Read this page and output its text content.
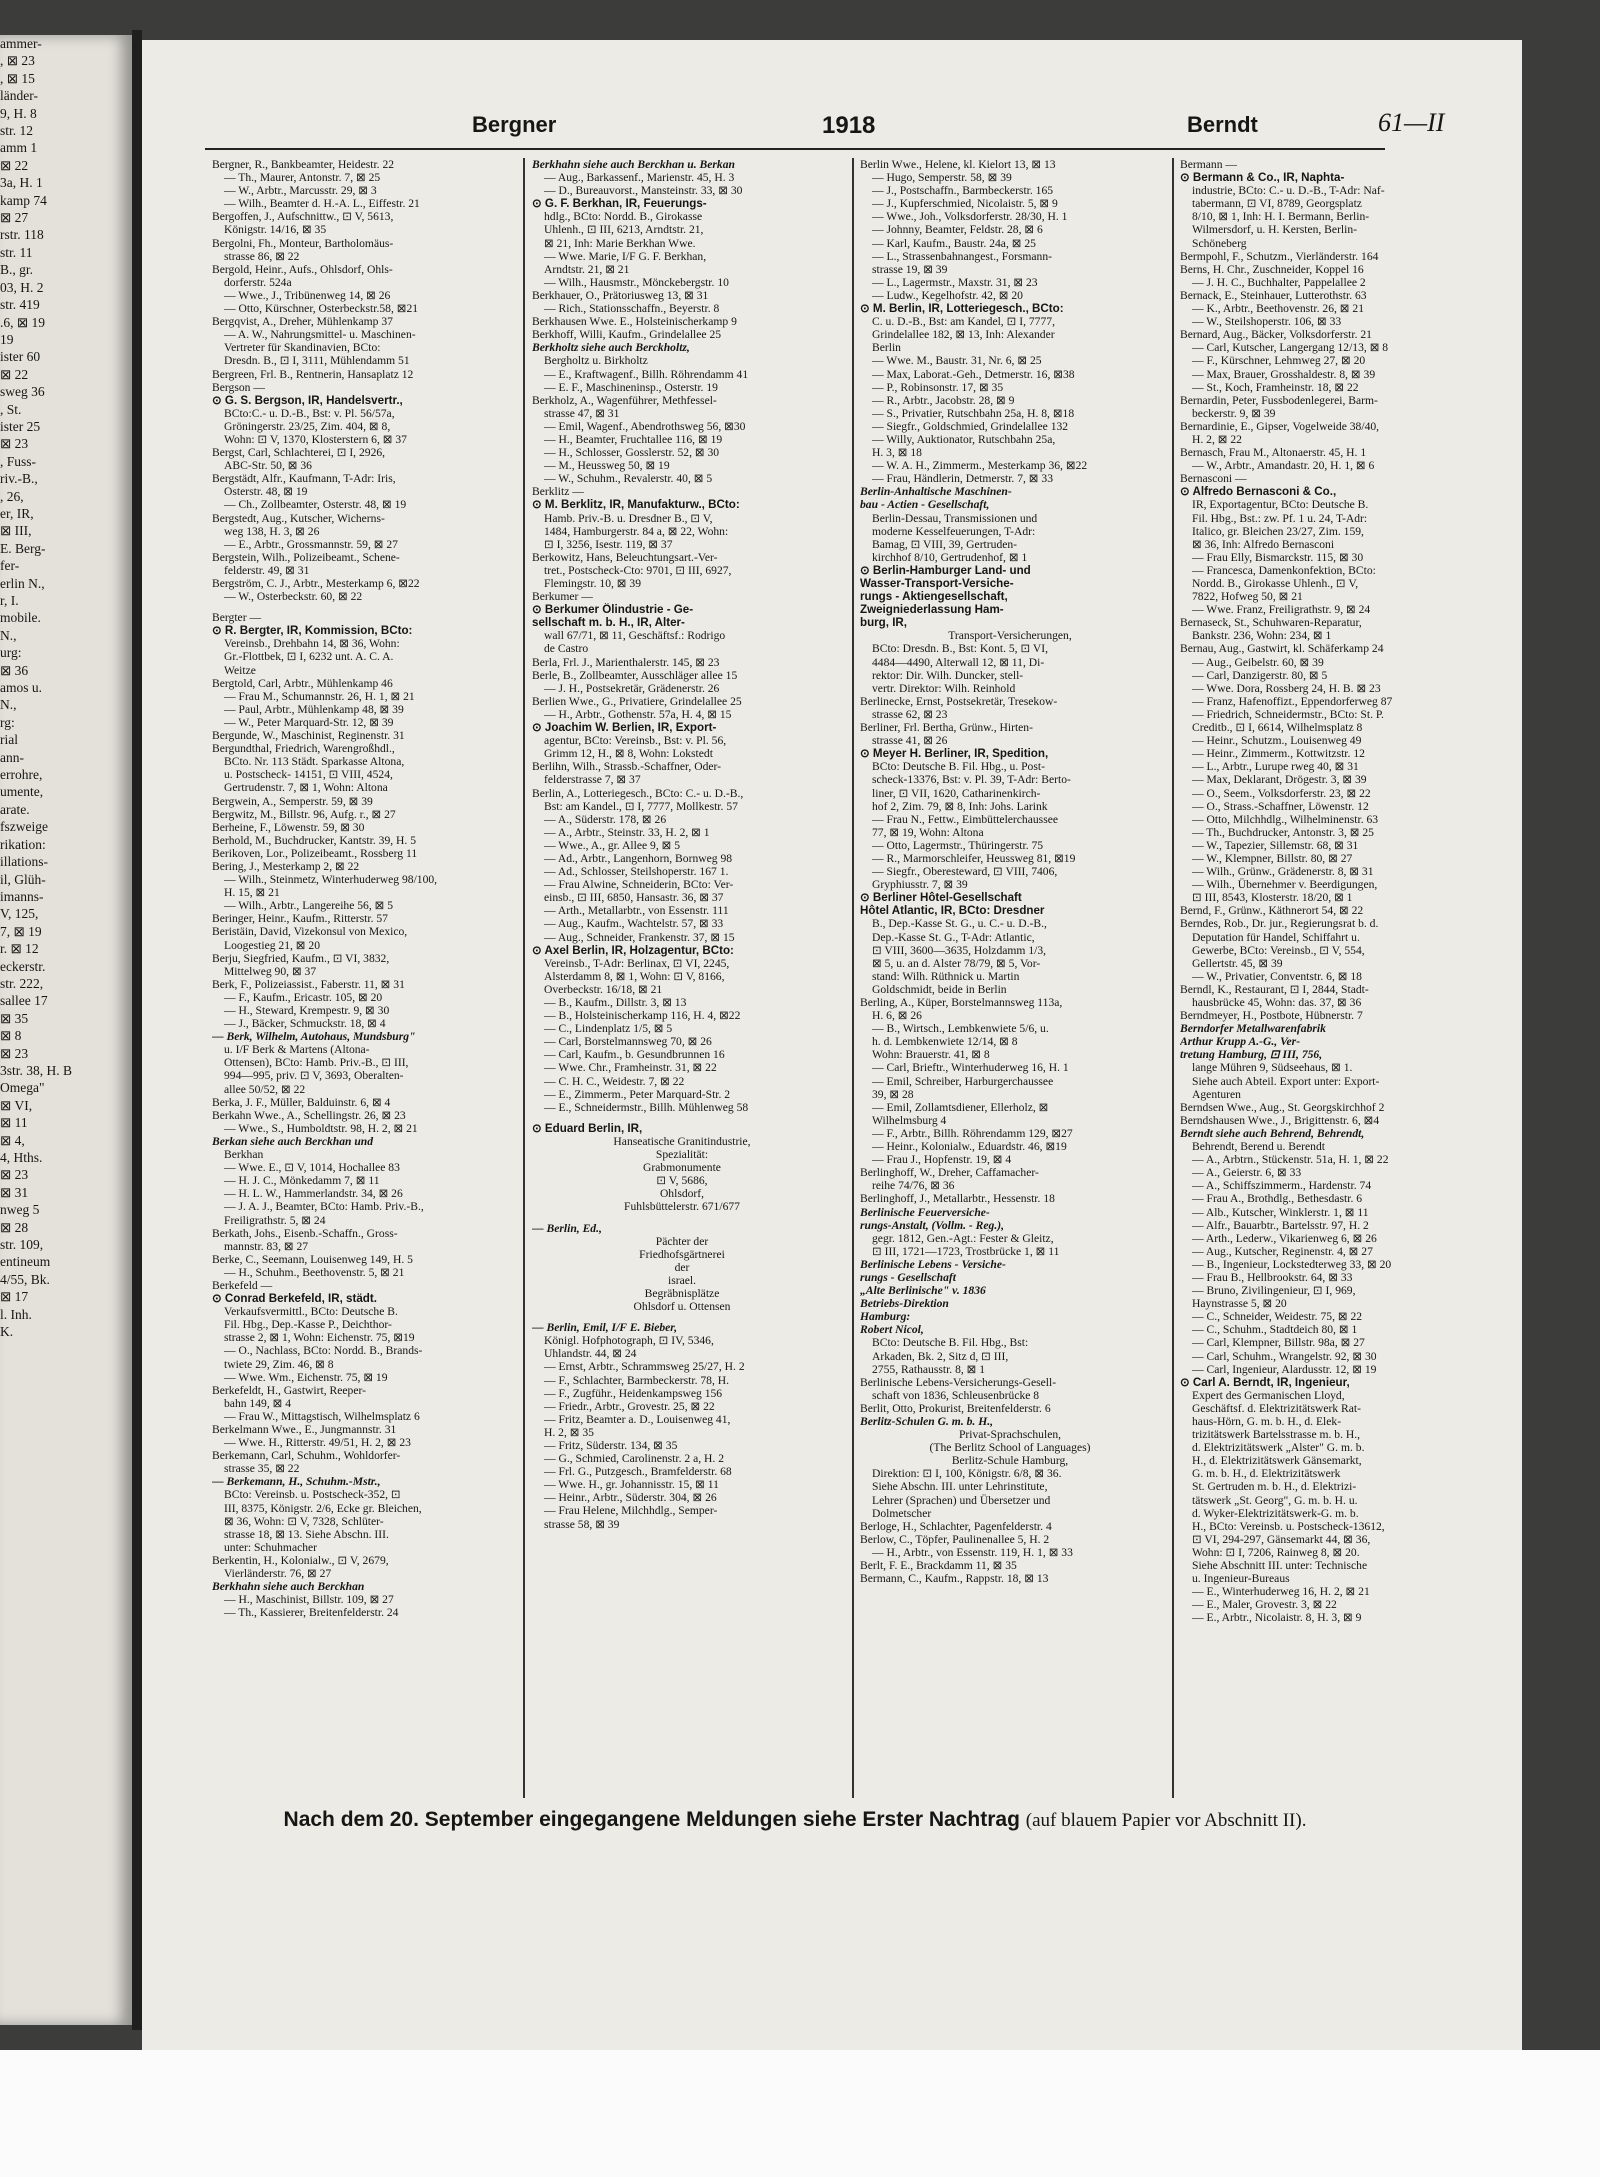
ammer-
, ⊠ 23
, ⊠ 15
länder-
9, H. 8
str. 12
amm 1
⊠ 22
3a, H. 1
kamp 74
⊠ 27
rstr. 118
str. 11
B., gr.
03, H. 2
str. 419
.6, ⊠ 19
19
ister 60
⊠ 22
sweg 36
, St.
ister 25
⊠ 23
, Fuss-
riv.-B.,
, 26,
er, IR,
⊠ III,
E. Berg-
fer-
erlin N.,
r, I.
mobile.
N.,
urg:
⊠ 36
amos u.
N.,
rg:
rial
ann-
errohre,
umente,
arate.
fszweige
rikation:
illations-
il, Glüh-
imanns-
V, 125,
7, ⊠ 19
r. ⊠ 12
eckerstr.
str. 222,
sallee 17
⊠ 35
⊠ 8
⊠ 23
3str. 38, H. B
Omega"
⊠ VI,
⊠ 11
⊠ 4,
4, Hths.
⊠ 23
⊠ 31
nweg 5
⊠ 28
str. 109,
entineum
4/55, Bk.
⊠ 17
l. Inh.
K.
Bergner	1918	Berndt	61—II
Bergner, R., Bankbeamter, Heidestr. 22
— Th., Maurer, Antonstr. 7, ⊠ 25
— W., Arbtr., Marcusstr. 29, ⊠ 3
— Wilh., Beamter d. H.-A. L., Eiffestr. 21
Bergoffen, J., Aufschnittw., ⊡ V, 5613,
Königstr. 14/16, ⊠ 35
Bergolni, Fh., Monteur, Bartholomäus-
strasse 86, ⊠ 22
Bergold, Heinr., Aufs., Ohlsdorf, Ohls-
dorferstr. 524a
— Wwe., J., Tribünenweg 14, ⊠ 26
— Otto, Kürschner, Osterbeckstr.58, ⊠21
Bergqvist, A., Dreher, Mühlenkamp 37
— A. W., Nahrungsmittel- u. Maschinen-
Vertreter für Skandinavien, BCto:
Dresdn. B., ⊡ I, 3111, Mühlendamm 51
Bergreen, Frl. B., Rentnerin, Hansaplatz 12
Bergson —
⊙ G. S. Bergson, IR, Handelsvertr.,
BCto:C.- u. D.-B., Bst: v. Pl. 56/57a,
Gröningerstr. 23/25, Zim. 404, ⊠ 8,
Wohn: ⊡ V, 1370, Klosterstern 6, ⊠ 37
Bergst, Carl, Schlachterei, ⊡ I, 2926,
ABC-Str. 50, ⊠ 36
Bergstädt, Alfr., Kaufmann, T-Adr: Iris,
Osterstr. 48, ⊠ 19
— Ch., Zollbeamter, Osterstr. 48, ⊠ 19
Bergstedt, Aug., Kutscher, Wicherns-
weg 138, H. 3, ⊠ 26
— E., Arbtr., Grossmannstr. 59, ⊠ 27
Bergstein, Wilh., Polizeibeamt., Schene-
felderstr. 49, ⊠ 31
Bergström, C. J., Arbtr., Mesterkamp 6, ⊠22
— W., Osterbeckstr. 60, ⊠ 22
Bergter —
⊙ R. Bergter, IR, Kommission, BCto:
Vereinsb., Drehbahn 14, ⊠ 36, Wohn:
Gr.-Flottbek, ⊡ I, 6232 unt. A. C. A.
Weitze
Bergtold, Carl, Arbtr., Mühlenkamp 46
— Frau M., Schumannstr. 26, H. 1, ⊠ 21
— Paul, Arbtr., Mühlenkamp 48, ⊠ 39
— W., Peter Marquard-Str. 12, ⊠ 39
Bergunde, W., Maschinist, Reginenstr. 31
Bergundthal, Friedrich, Warengroßhdl.,
BCto. Nr. 113 Städt. Sparkasse Altona,
u. Postscheck- 14151, ⊡ VIII, 4524,
Gertrudenstr. 7, ⊠ 1, Wohn: Altona
Bergwein, A., Semperstr. 59, ⊠ 39
Bergwitz, M., Billstr. 96, Aufg. r., ⊠ 27
Berheine, F., Löwenstr. 59, ⊠ 30
Berhold, M., Buchdrucker, Kantstr. 39, H. 5
Berikoven, Lor., Polizeibeamt., Rossberg 11
Bering, J., Mesterkamp 2, ⊠ 22
— Wilh., Steinmetz, Winterhuderweg 98/100,
H. 15, ⊠ 21
— Wilh., Arbtr., Langereihe 56, ⊠ 5
Beringer, Heinr., Kaufm., Ritterstr. 57
Beristäin, David, Vizekonsul von Mexico,
Loogestieg 21, ⊠ 20
Berju, Siegfried, Kaufm., ⊡ VI, 3832,
Mittelweg 90, ⊠ 37
Berk, F., Polizeiassist., Faberstr. 11, ⊠ 31
— F., Kaufm., Ericastr. 105, ⊠ 20
— H., Steward, Krempestr. 9, ⊠ 30
— J., Bäcker, Schmuckstr. 18, ⊠ 4
— Berk, Wilhelm, Autohaus, Mundsburg"
u. I/F Berk & Martens (Altona-
Ottensen), BCto: Hamb. Priv.-B., ⊡ III,
994—995, priv. ⊡ V, 3693, Oberalten-
allee 50/52, ⊠ 22
Berka, J. F., Müller, Balduinstr. 6, ⊠ 4
Berkahn Wwe., A., Schellingstr. 26, ⊠ 23
— Wwe., S., Humboldtstr. 98, H. 2, ⊠ 21
Berkan siehe auch Berckhan und
Berkhan
— Wwe. E., ⊡ V, 1014, Hochallee 83
— H. J. C., Mönkedamm 7, ⊠ 11
— H. L. W., Hammerlandstr. 34, ⊠ 26
— J. A. J., Beamter, BCto: Hamb. Priv.-B.,
Freiligrathstr. 5, ⊠ 24
Berkath, Johs., Eisenb.-Schaffn., Gross-
mannstr. 83, ⊠ 27
Berke, C., Seemann, Louisenweg 149, H. 5
— H., Schuhm., Beethovenstr. 5, ⊠ 21
Berkefeld —
⊙ Conrad Berkefeld, IR, städt.
Verkaufsvermittl., BCto: Deutsche B.
Fil. Hbg., Dep.-Kasse P., Deichthor-
strasse 2, ⊠ 1, Wohn: Eichenstr. 75, ⊠19
— O., Nachlass, BCto: Nordd. B., Brands-
twiete 29, Zim. 46, ⊠ 8
— Wwe. Wm., Eichenstr. 75, ⊠ 19
Berkefeldt, H., Gastwirt, Reeper-
bahn 149, ⊠ 4
— Frau W., Mittagstisch, Wilhelmsplatz 6
Berkelmann Wwe., E., Jungmannstr. 31
— Wwe. H., Ritterstr. 49/51, H. 2, ⊠ 23
Berkemann, Carl, Schuhm., Wohldorfer-
strasse 35, ⊠ 22
— Berkemann, H., Schuhm.-Mstr.,
BCto: Vereinsb. u. Postscheck-352, ⊡
III, 8375, Königstr. 2/6, Ecke gr. Bleichen,
⊠ 36, Wohn: ⊡ V, 7328, Schlüter-
strasse 18, ⊠ 13. Siehe Abschn. III.
unter: Schuhmacher
Berkentin, H., Kolonialw., ⊡ V, 2679,
Vierländerstr. 76, ⊠ 27
Berkhahn siehe auch Berckhan
— H., Maschinist, Billstr. 109, ⊠ 27
— Th., Kassierer, Breitenfelderstr. 24
Berkhahn siehe auch Berckhan u. Berkan
— Aug., Barkassenf., Marienstr. 45, H. 3
— D., Bureauvorst., Mansteinstr. 33, ⊠ 30
⊙ G. F. Berkhan, IR, Feuerungs-
hdlg., BCto: Nordd. B., Girokasse
Uhlenh., ⊡ III, 6213, Arndtstr. 21,
⊠ 21, Inh: Marie Berkhan Wwe.
— Wwe. Marie, I/F G. F. Berkhan,
Arndtstr. 21, ⊠ 21
— Wilh., Hausmstr., Mönckebergstr. 10
Berkhauer, O., Prätoriusweg 13, ⊠ 31
— Rich., Stationsschaffn., Beyerstr. 8
Berkhausen Wwe. E., Holsteinischerkamp 9
Berkhoff, Willi, Kaufm., Grindelallee 25
Berkholtz siehe auch Berckholtz,
Bergholtz u. Birkholtz
— E., Kraftwagenf., Billh. Röhrendamm 41
— E. F., Maschineninsp., Osterstr. 19
Berkholz, A., Wagenführer, Methfessel-
strasse 47, ⊠ 31
— Emil, Wagenf., Abendrothsweg 56, ⊠30
— H., Beamter, Fruchtallee 116, ⊠ 19
— H., Schlosser, Gosslerstr. 52, ⊠ 30
— M., Heussweg 50, ⊠ 19
— W., Schuhm., Revalerstr. 40, ⊠ 5
Berklitz —
⊙ M. Berklitz, IR, Manufakturw., BCto:
Hamb. Priv.-B. u. Dresdner B., ⊡ V,
1484, Hamburgerstr. 84 a, ⊠ 22, Wohn:
⊡ I, 3256, Isestr. 119, ⊠ 37
Berkowitz, Hans, Beleuchtungsart.-Ver-
tret., Postscheck-Cto: 9701, ⊡ III, 6927,
Flemingstr. 10, ⊠ 39
Berkumer —
⊙ Berkumer Ölindustrie - Ge-
sellschaft m. b. H., IR, Alter-
wall 67/71, ⊠ 11, Geschäftsf.: Rodrigo
de Castro
Berla, Frl. J., Marienthalerstr. 145, ⊠ 23
Berle, B., Zollbeamter, Ausschläger allee 15
— J. H., Postsekretär, Grädenerstr. 26
Berlien Wwe., G., Privatiere, Grindelallee 25
— H., Arbtr., Gothenstr. 57a, H. 4, ⊠ 15
⊙ Joachim W. Berlien, IR, Export-
agentur, BCto: Vereinsb., Bst: v. Pl. 56,
Grimm 12, H., ⊠ 8, Wohn: Lokstedt
Berlihn, Wilh., Strassb.-Schaffner, Oder-
felderstrasse 7, ⊠ 37
Berlin, A., Lotteriegesch., BCto: C.- u. D.-B.,
Bst: am Kandel., ⊡ I, 7777, Mollkestr. 57
— A., Süderstr. 178, ⊠ 26
— A., Arbtr., Steinstr. 33, H. 2, ⊠ 1
— Wwe., A., gr. Allee 9, ⊠ 5
— Ad., Arbtr., Langenhorn, Bornweg 98
— Ad., Schlosser, Steilshoperstr. 167 1.
— Frau Alwine, Schneiderin, BCto: Ver-
einsb., ⊡ III, 6850, Hansastr. 36, ⊠ 37
— Arth., Metallarbtr., von Essenstr. 111
— Aug., Kaufm., Wachtelstr. 57, ⊠ 33
— Aug., Schneider, Frankenstr. 37, ⊠ 15
⊙ Axel Berlin, IR, Holzagentur, BCto:
Vereinsb., T-Adr: Berlinax, ⊡ VI, 2245,
Alsterdamm 8, ⊠ 1, Wohn: ⊡ V, 8166,
Overbeckstr. 16/18, ⊠ 21
— B., Kaufm., Dillstr. 3, ⊠ 13
— B., Holsteinischerkamp 116, H. 4, ⊠22
— C., Lindenplatz 1/5, ⊠ 5
— Carl, Borstelmannsweg 70, ⊠ 26
— Carl, Kaufm., b. Gesundbrunnen 16
— Wwe. Chr., Framheinstr. 31, ⊠ 22
— C. H. C., Weidestr. 7, ⊠ 22
— E., Zimmerm., Peter Marquard-Str. 2
— E., Schneidermstr., Billh. Mühlenweg 58
⊙ Eduard Berlin, IR,
Hanseatische Granitindustrie,
Spezialität:
Grabmonumente
⊡ V, 5686,
Ohlsdorf,
Fuhlsbüttelerstr. 671/677
— Berlin, Ed.,
Pächter der
Friedhofsgärtnerei
der
israel.
Begräbnisplätze
Ohlsdorf u. Ottensen
— Berlin, Emil, I/F E. Bieber,
Königl. Hofphotograph, ⊡ IV, 5346,
Uhlandstr. 44, ⊠ 24
— Ernst, Arbtr., Schrammsweg 25/27, H. 2
— F., Schlachter, Barmbeckerstr. 78, H.
— F., Zugführ., Heidenkampsweg 156
— Friedr., Arbtr., Grovestr. 25, ⊠ 22
— Fritz, Beamter a. D., Louisenweg 41,
H. 2, ⊠ 35
— Fritz, Süderstr. 134, ⊠ 35
— G., Schmied, Carolinenstr. 2 a, H. 2
— Frl. G., Putzgesch., Bramfelderstr. 68
— Wwe. H., gr. Johannisstr. 15, ⊠ 11
— Heinr., Arbtr., Süderstr. 304, ⊠ 26
— Frau Helene, Milchhdlg., Semper-
strasse 58, ⊠ 39
Berlin Wwe., Helene, kl. Kielort 13, ⊠ 13
— Hugo, Semperstr. 58, ⊠ 39
— J., Postschaffn., Barmbeckerstr. 165
— J., Kupferschmied, Nicolaistr. 5, ⊠ 9
— Wwe., Joh., Volksdorferstr. 28/30, H. 1
— Johnny, Beamter, Feldstr. 28, ⊠ 6
— Karl, Kaufm., Baustr. 24a, ⊠ 25
— L., Strassenbahnangest., Forsmann-
strasse 19, ⊠ 39
— L., Lagermstr., Maxstr. 31, ⊠ 23
— Ludw., Kegelhofstr. 42, ⊠ 20
⊙ M. Berlin, IR, Lotteriegesch., BCto:
C. u. D.-B., Bst: am Kandel, ⊡ I, 7777,
Grindelallee 182, ⊠ 13, Inh: Alexander
Berlin
— Wwe. M., Baustr. 31, Nr. 6, ⊠ 25
— Max, Laborat.-Geh., Detmerstr. 16, ⊠38
— P., Robinsonstr. 17, ⊠ 35
— R., Arbtr., Jacobstr. 28, ⊠ 9
— S., Privatier, Rutschbahn 25a, H. 8, ⊠18
— Siegfr., Goldschmied, Grindelallee 132
— Willy, Auktionator, Rutschbahn 25a,
H. 3, ⊠ 18
— W. A. H., Zimmerm., Mesterkamp 36, ⊠22
— Frau, Händlerin, Detmerstr. 7, ⊠ 33
Berlin-Anhaltische Maschinen-
bau - Actien - Gesellschaft,
Berlin-Dessau, Transmissionen und
moderne Kesselfeuerungen, T-Adr:
Bamag, ⊡ VIII, 39, Gertruden-
kirchhof 8/10, Gertrudenhof, ⊠ 1
⊙ Berlin-Hamburger Land- und
Wasser-Transport-Versiche-
rungs - Aktiengesellschaft,
Zweigniederlassung Ham-
burg, IR,
Transport-Versicherungen,
BCto: Dresdn. B., Bst: Kont. 5, ⊡ VI,
4484—4490, Alterwall 12, ⊠ 11, Di-
rektor: Dir. Wilh. Duncker, stell-
vertr. Direktor: Wilh. Reinhold
Berlinecke, Ernst, Postsekretär, Tresekow-
strasse 62, ⊠ 23
Berliner, Frl. Bertha, Grünw., Hirten-
strasse 41, ⊠ 26
⊙ Meyer H. Berliner, IR, Spedition,
BCto: Deutsche B. Fil. Hbg., u. Post-
scheck-13376, Bst: v. Pl. 39, T-Adr: Berto-
liner, ⊡ VII, 1620, Catharinenkirch-
hof 2, Zim. 79, ⊠ 8, Inh: Johs. Larink
— Frau N., Fettw., Eimbüttelerchaussee
77, ⊠ 19, Wohn: Altona
— Otto, Lagermstr., Thüringerstr. 75
— R., Marmorschleifer, Heussweg 81, ⊠19
— Siegfr., Oberesteward, ⊡ VIII, 7406,
Gryphiusstr. 7, ⊠ 39
⊙ Berliner Hôtel-Gesellschaft
Hôtel Atlantic, IR, BCto: Dresdner
B., Dep.-Kasse St. G., u. C.- u. D.-B.,
Dep.-Kasse St. G., T-Adr: Atlantic,
⊡ VIII, 3600—3635, Holzdamm 1/3,
⊠ 5, u. an d. Alster 78/79, ⊠ 5, Vor-
stand: Wilh. Rüthnick u. Martin
Goldschmidt, beide in Berlin
Berling, A., Küper, Borstelmannsweg 113a,
H. 6, ⊠ 26
— B., Wirtsch., Lembkenwiete 5/6, u.
h. d. Lembkenwiete 12/14, ⊠ 8
Wohn: Brauerstr. 41, ⊠ 8
— Carl, Brieftr., Winterhuderweg 16, H. 1
— Emil, Schreiber, Harburgerchaussee
39, ⊠ 28
— Emil, Zollamtsdiener, Ellerholz, ⊠
Wilhelmsburg 4
— F., Arbtr., Billh. Röhrendamm 129, ⊠27
— Heinr., Kolonialw., Eduardstr. 46, ⊠19
— Frau J., Hopfenstr. 19, ⊠ 4
Berlinghoff, W., Dreher, Caffamacher-
reihe 74/76, ⊠ 36
Berlinghoff, J., Metallarbtr., Hessenstr. 18
Berlinische Feuerversiche-
rungs-Anstalt, (Vollm. - Reg.),
gegr. 1812, Gen.-Agt.: Fester & Gleitz,
⊡ III, 1721—1723, Trostbrücke 1, ⊠ 11
Berlinische Lebens - Versiche-
rungs - Gesellschaft
„Alte Berlinische" v. 1836
Betriebs-Direktion
Hamburg:
Robert Nicol,
BCto: Deutsche B. Fil. Hbg., Bst:
Arkaden, Bk. 2, Sitz d, ⊡ III,
2755, Rathausstr. 8, ⊠ 1
Berlinische Lebens-Versicherungs-Gesell-
schaft von 1836, Schleusenbrücke 8
Berlit, Otto, Prokurist, Breitenfelderstr. 6
Berlitz-Schulen G. m. b. H.,
Privat-Sprachschulen,
(The Berlitz School of Languages)
Berlitz-Schule Hamburg,
Direktion: ⊡ I, 100, Königstr. 6/8, ⊠ 36.
Siehe Abschn. III. unter Lehrinstitute,
Lehrer (Sprachen) und Übersetzer und
Dolmetscher
Berloge, H., Schlachter, Pagenfelderstr. 4
Berlow, C., Töpfer, Paulinenallee 5, H. 2
— H., Arbtr., von Essenstr. 119, H. 1, ⊠ 33
Berlt, F. E., Brackdamm 11, ⊠ 35
Bermann, C., Kaufm., Rappstr. 18, ⊠ 13
Bermann —
⊙ Bermann & Co., IR, Naphta-
industrie, BCto: C.- u. D.-B., T-Adr: Naf-
tabermann, ⊡ VI, 8789, Georgsplatz
8/10, ⊠ 1, Inh: H. I. Bermann, Berlin-
Wilmersdorf, u. H. Kersten, Berlin-
Schöneberg
Bermpohl, F., Schutzm., Vierländerstr. 164
Berns, H. Chr., Zuschneider, Koppel 16
— J. H. C., Buchhalter, Pappelallee 2
Bernack, E., Steinhauer, Lutterothstr. 63
— K., Arbtr., Beethovenstr. 26, ⊠ 21
— W., Steilshoperstr. 106, ⊠ 33
Bernard, Aug., Bäcker, Volksdorferstr. 21
— Carl, Kutscher, Langergang 12/13, ⊠ 8
— F., Kürschner, Lehmweg 27, ⊠ 20
— Max, Brauer, Grosshaldestr. 8, ⊠ 39
— St., Koch, Framheinstr. 18, ⊠ 22
Bernardin, Peter, Fussbodenlegerei, Barm-
beckerstr. 9, ⊠ 39
Bernardinie, E., Gipser, Vogelweide 38/40,
H. 2, ⊠ 22
Bernasch, Frau M., Altonaerstr. 45, H. 1
— W., Arbtr., Amandastr. 20, H. 1, ⊠ 6
Bernasconi —
⊙ Alfredo Bernasconi & Co.,
IR, Exportagentur, BCto: Deutsche B.
Fil. Hbg., Bst.: zw. Pf. 1 u. 24, T-Adr:
Italico, gr. Bleichen 23/27, Zim. 159,
⊠ 36, Inh: Alfredo Bernasconi
— Frau Elly, Bismarckstr. 115, ⊠ 30
— Francesca, Damenkonfektion, BCto:
Nordd. B., Girokasse Uhlenh., ⊡ V,
7822, Hofweg 50, ⊠ 21
— Wwe. Franz, Freiligrathstr. 9, ⊠ 24
Bernaseck, St., Schuhwaren-Reparatur,
Bankstr. 236, Wohn: 234, ⊠ 1
Bernau, Aug., Gastwirt, kl. Schäferkamp 24
— Aug., Geibelstr. 60, ⊠ 39
— Carl, Danzigerstr. 80, ⊠ 5
— Wwe. Dora, Rossberg 24, H. B. ⊠ 23
— Franz, Hafenoffizt., Eppendorferweg 87
— Friedrich, Schneidermstr., BCto: St. P.
Creditb., ⊡ I, 6614, Wilhelmsplatz 8
— Heinr., Schutzm., Louisenweg 49
— Heinr., Zimmerm., Kottwitzstr. 12
— L., Arbtr., Lurupe rweg 40, ⊠ 31
— Max, Deklarant, Drögestr. 3, ⊠ 39
— O., Seem., Volksdorferstr. 23, ⊠ 22
— O., Strass.-Schaffner, Löwenstr. 12
— Otto, Milchhdlg., Wilhelminenstr. 63
— Th., Buchdrucker, Antonstr. 3, ⊠ 25
— W., Tapezier, Sillemstr. 68, ⊠ 31
— W., Klempner, Billstr. 80, ⊠ 27
— Wilh., Grünw., Grädenerstr. 8, ⊠ 31
— Wilh., Übernehmer v. Beerdigungen,
⊡ III, 8543, Klosterstr. 18/20, ⊠ 1
Bernd, F., Grünw., Käthnerort 54, ⊠ 22
Berndes, Rob., Dr. jur., Regierungsrat b. d.
Deputation für Handel, Schiffahrt u.
Gewerbe, BCto: Vereinsb., ⊡ V, 554,
Gellertstr. 45, ⊠ 39
— W., Privatier, Conventstr. 6, ⊠ 18
Berndl, K., Restaurant, ⊡ I, 2844, Stadt-
hausbrücke 45, Wohn: das. 37, ⊠ 36
Berndmeyer, H., Postbote, Hübnerstr. 7
Berndorfer Metallwarenfabrik
Arthur Krupp A.-G., Ver-
tretung Hamburg, ⊡ III, 756,
lange Mühren 9, Südseehaus, ⊠ 1.
Siehe auch Abteil. Export unter: Export-
Agenturen
Berndsen Wwe., Aug., St. Georgskirchhof 2
Berndshausen Wwe., J., Brigittenstr. 6, ⊠4
Berndt siehe auch Behrend, Behrendt,
Behrendt, Berend u. Berendt
— A., Arbtrn., Stückenstr. 51a, H. 1, ⊠ 22
— A., Geierstr. 6, ⊠ 33
— A., Schiffszimmerm., Hardenstr. 74
— Frau A., Brothdlg., Bethesdastr. 6
— Alb., Kutscher, Winklerstr. 1, ⊠ 11
— Alfr., Bauarbtr., Bartelsstr. 97, H. 2
— Arth., Lederw., Vikarienweg 6, ⊠ 26
— Aug., Kutscher, Reginenstr. 4, ⊠ 27
— B., Ingenieur, Lockstedterweg 33, ⊠ 20
— Frau B., Hellbrookstr. 64, ⊠ 33
— Bruno, Zivilingenieur, ⊡ I, 969,
Haynstrasse 5, ⊠ 20
— C., Schneider, Weidestr. 75, ⊠ 22
— C., Schuhm., Stadtdeich 80, ⊠ 1
— Carl, Klempner, Billstr. 98a, ⊠ 27
— Carl, Schuhm., Wrangelstr. 92, ⊠ 30
— Carl, Ingenieur, Alardusstr. 12, ⊠ 19
⊙ Carl A. Berndt, IR, Ingenieur,
Expert des Germanischen Lloyd,
Geschäftsf. d. Elektrizitätswerk Rat-
haus-Hörn, G. m. b. H., d. Elek-
trizitätswerk Bartelsstrasse m. b. H.,
d. Elektrizitätswerk „Alster" G. m. b.
H., d. Elektrizitätswerk Gänsemarkt,
G. m. b. H., d. Elektrizitätswerk
St. Gertruden m. b. H., d. Elektrizi-
tätswerk „St. Georg", G. m. b. H. u.
d. Wyker-Elektrizitätswerk-G. m. b.
H., BCto: Vereinsb. u. Postscheck-13612,
⊡ VI, 294-297, Gänsemarkt 44, ⊠ 36,
Wohn: ⊡ I, 7206, Rainweg 8, ⊠ 20.
Siehe Abschnitt III. unter: Technische
u. Ingenieur-Bureaus
— E., Winterhuderweg 16, H. 2, ⊠ 21
— E., Maler, Grovestr. 3, ⊠ 22
— E., Arbtr., Nicolaistr. 8, H. 3, ⊠ 9
Nach dem 20. September eingegangene Meldungen siehe Erster Nachtrag (auf blauem Papier vor Abschnitt II).
